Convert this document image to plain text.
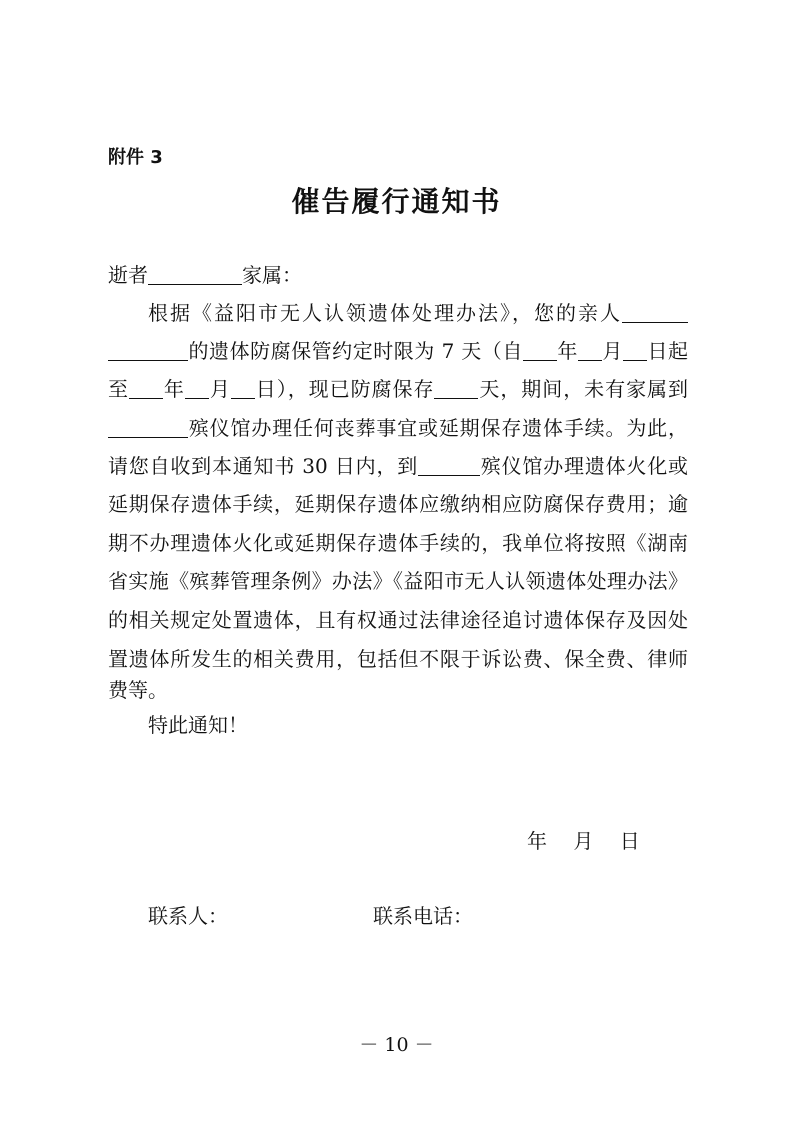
附件 3
催告履行通知书
逝者	家属：
根据《益阳市无人认领遗体处理办法》，您的亲人
的遗体防腐保管约定时限为 7 天（自 年 月 日起
至 年 月 日），现已防腐保存 天，期间，未有家属到
殡仪馆办理任何丧葬事宜或延期保存遗体手续。为此，
请您自收到本通知书 30 日内，到	殡仪馆办理遗体火化或
延期保存遗体手续，延期保存遗体应缴纳相应防腐保存费用；逾
期不办理遗体火化或延期保存遗体手续的，我单位将按照《湖南
省实施《殡葬管理条例》办法》《益阳市无人认领遗体处理办法》
的相关规定处置遗体，且有权通过法律途径追讨遗体保存及因处
置遗体所发生的相关费用，包括但不限于诉讼费、保全费、律师
费等。
特此通知！
年　 月　 日
联系人：	联系电话：
－ 10 －
